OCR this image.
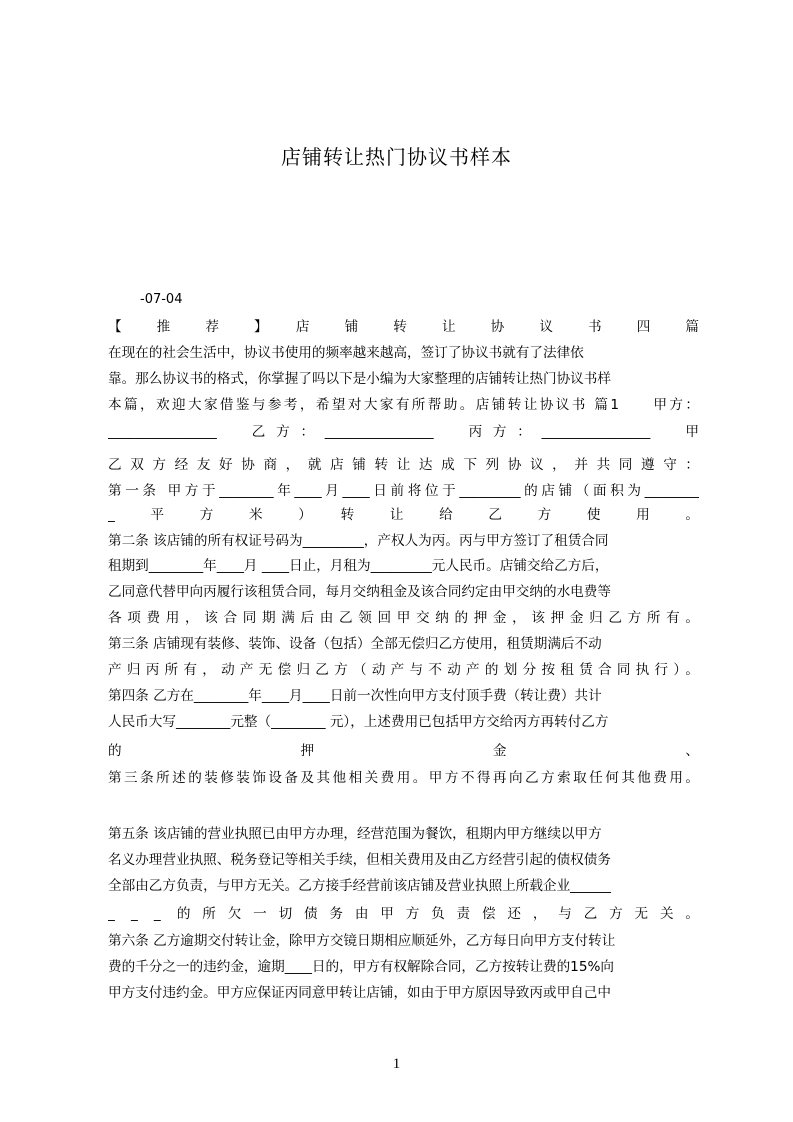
店铺转让热门协议书样本
-07-04
【　推　荐　】　店　铺　转　让　协　议　书　四　篇
在现在的社会生活中，协议书使用的频率越来越高，签订了协议书就有了法律依
靠。那么协议书的格式，你掌握了吗以下是小编为大家整理的店铺转让热门协议书样
本篇，欢迎大家借鉴与参考，希望对大家有所帮助。店铺转让协议书 篇1　　甲方：
________________　乙方：________________　丙方：________________　甲
乙双方经友好协商，就店铺转让达成下列协议，并共同遵守：
第一条 甲方于________年____月____日前将位于_________的店铺（面积为________
_　平　方　米　）　转　让　给　乙　方　使　用　。
第二条 该店铺的所有权证号码为_________，产权人为丙。丙与甲方签订了租赁合同
租期到________年____月 ____日止，月租为_________元人民币。店铺交给乙方后，
乙同意代替甲向丙履行该租赁合同，每月交纳租金及该合同约定由甲交纳的水电费等
各项费用，该合同期满后由乙领回甲交纳的押金，该押金归乙方所有。
第三条 店铺现有装修、装饰、设备（包括）全部无偿归乙方使用，租赁期满后不动
产归丙所有，动产无偿归乙方（动产与不动产的划分按租赁合同执行）。
第四条 乙方在________年____月____日前一次性向甲方支付顶手费（转让费）共计
人民币大写________元整（________ 元），上述费用已包括甲方交给丙方再转付乙方
的　　　　押　　　　金　　　　、
第三条所述的装修装饰设备及其他相关费用。甲方不得再向乙方索取任何其他费用。
第五条 该店铺的营业执照已由甲方办理，经营范围为餐饮，租期内甲方继续以甲方
名义办理营业执照、税务登记等相关手续，但相关费用及由乙方经营引起的债权债务
全部由乙方负责，与甲方无关。乙方接手经营前该店铺及营业执照上所载企业______
_ _ _ 的所欠一切债务由甲方负责偿还，与乙方无关。
第六条 乙方逾期交付转让金，除甲方交镜日期相应顺延外，乙方每日向甲方支付转让
费的千分之一的违约金，逾期____日的，甲方有权解除合同，乙方按转让费的15%向
甲方支付违约金。甲方应保证丙同意甲转让店铺，如由于甲方原因导致丙或甲自己中
1
